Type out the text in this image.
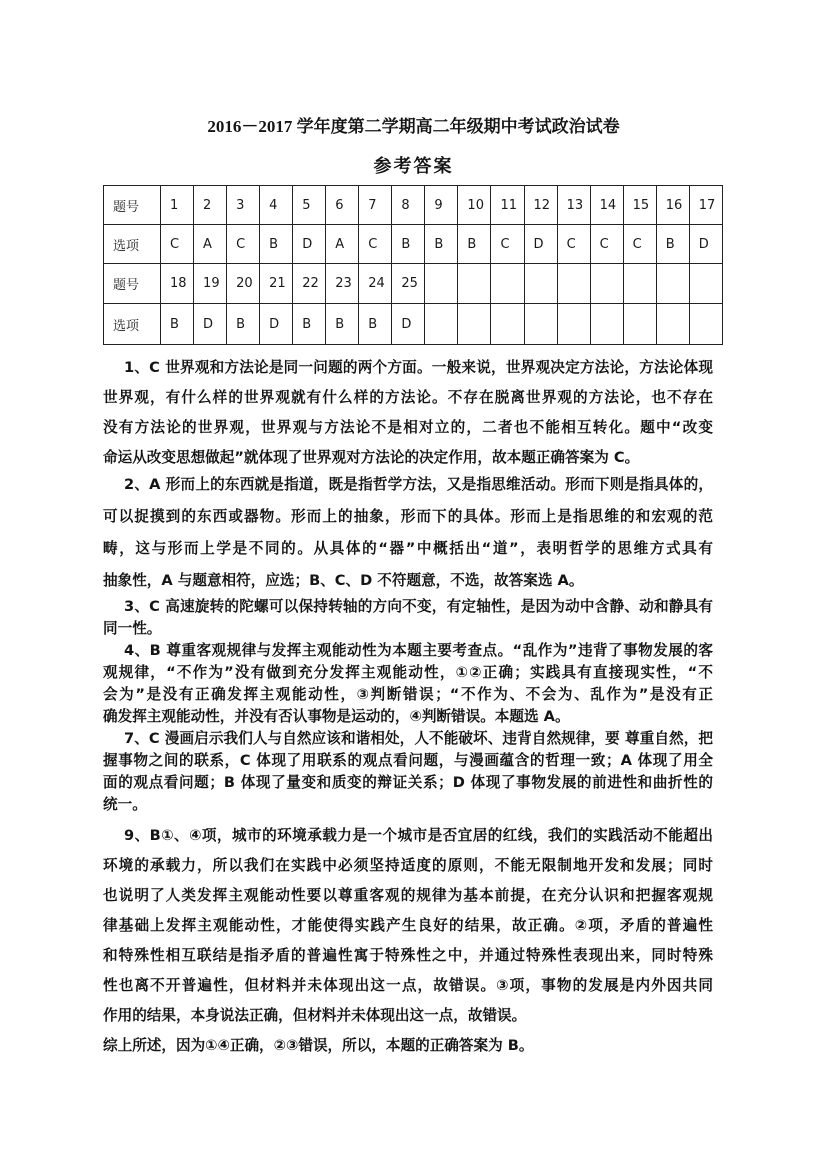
2016－2017 学年度第二学期高二年级期中考试政治试卷
参考答案
题号	1	2	3	4	5	6	7	8	9	10	11	12	13	14	15	16	17
选项	C	A	C	B	D	A	C	B	B	B	C	D	C	C	C	B	D
题号	18	19	20	21	22	23	24	25									
选项	B	D	B	D	B	B	B	D									
1、C 世界观和方法论是同一问题的两个方面。一般来说，世界观决定方法论，方法论体现
世界观，有什么样的世界观就有什么样的方法论。不存在脱离世界观的方法论，也不存在
没有方法论的世界观，世界观与方法论不是相对立的，二者也不能相互转化。题中“改变
命运从改变思想做起”就体现了世界观对方法论的决定作用，故本题正确答案为 C。
2、A 形而上的东西就是指道，既是指哲学方法，又是指思维活动。形而下则是指具体的，
可以捉摸到的东西或器物。形而上的抽象，形而下的具体。形而上是指思维的和宏观的范
畴，这与形而上学是不同的。从具体的“器”中概括出“道”，表明哲学的思维方式具有
抽象性，A 与题意相符，应选；B、C、D 不符题意，不选，故答案选 A。
3、C 高速旋转的陀螺可以保持转轴的方向不变，有定轴性，是因为动中含静、动和静具有
同一性。
4、B 尊重客观规律与发挥主观能动性为本题主要考查点。“乱作为”违背了事物发展的客
观规律，“不作为”没有做到充分发挥主观能动性，①②正确；实践具有直接现实性，“不
会为”是没有正确发挥主观能动性，③判断错误；“不作为、不会为、乱作为”是没有正
确发挥主观能动性，并没有否认事物是运动的，④判断错误。本题选 A。
7、C 漫画启示我们人与自然应该和谐相处，人不能破坏、违背自然规律，要 尊重自然，把
握事物之间的联系，C 体现了用联系的观点看问题，与漫画蕴含的哲理一致；A 体现了用全
面的观点看问题；B 体现了量变和质变的辩证关系；D 体现了事物发展的前进性和曲折性的
统一。
9、B①、④项，城市的环境承载力是一个城市是否宜居的红线，我们的实践活动不能超出
环境的承载力，所以我们在实践中必须坚持适度的原则，不能无限制地开发和发展；同时
也说明了人类发挥主观能动性要以尊重客观的规律为基本前提，在充分认识和把握客观规
律基础上发挥主观能动性，才能使得实践产生良好的结果，故正确。②项，矛盾的普遍性
和特殊性相互联结是指矛盾的普遍性寓于特殊性之中，并通过特殊性表现出来，同时特殊
性也离不开普遍性，但材料并未体现出这一点，故错误。③项，事物的发展是内外因共同
作用的结果，本身说法正确，但材料并未体现出这一点，故错误。
综上所述，因为①④正确，②③错误，所以，本题的正确答案为 B。
